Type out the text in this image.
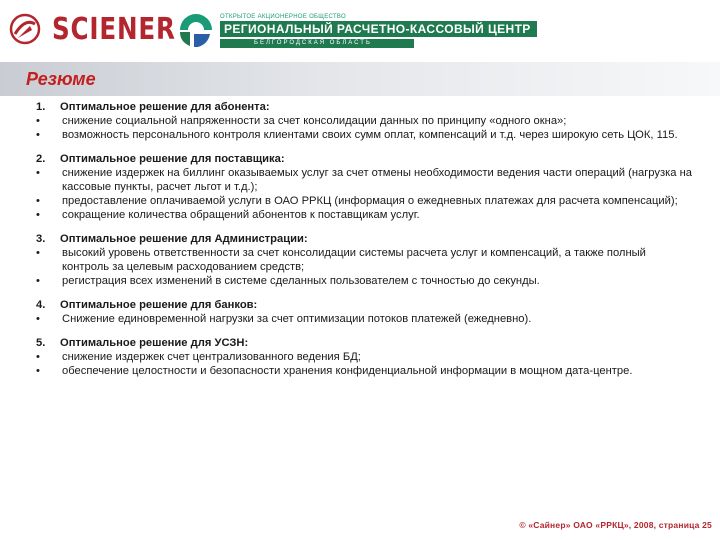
SCIENER	ОТКРЫТОЕ АКЦИОНЕРНОЕ ОБЩЕСТВО
РЕГИОНАЛЬНЫЙ РАСЧЕТНО-КАССОВЫЙ ЦЕНТР
БЕЛГОРОДСКАЯ ОБЛАСТЬ
Резюме
1.	Оптимальное решение для абонента:
•	снижение социальной напряженности за счет консолидации данных по принципу «одного окна»;
•	возможность персонального контроля клиентами своих сумм оплат, компенсаций и т.д. через широкую сеть ЦОК, 115.
2.	Оптимальное решение для поставщика:
•	снижение издержек на биллинг оказываемых услуг за счет отмены необходимости ведения части операций (нагрузка на кассовые пункты, расчет льгот и т.д.);
•	предоставление оплачиваемой услуги в ОАО РРКЦ (информация о ежедневных платежах для расчета компенсаций);
•	сокращение количества обращений абонентов к поставщикам услуг.
3.	Оптимальное решение для Администрации:
•	высокий уровень ответственности за счет консолидации системы расчета услуг и компенсаций, а также полный контроль за целевым расходованием средств;
•	регистрация всех изменений в системе сделанных пользователем с точностью до секунды.
4.	Оптимальное решение для банков:
•	Снижение единовременной нагрузки за счет оптимизации потоков платежей (ежедневно).
5.	Оптимальное решение для УСЗН:
•	снижение издержек счет централизованного ведения БД;
•	обеспечение целостности и безопасности хранения конфиденциальной информации в мощном дата-центре.
© «Сайнер» ОАО «РРКЦ», 2008, страница 25
